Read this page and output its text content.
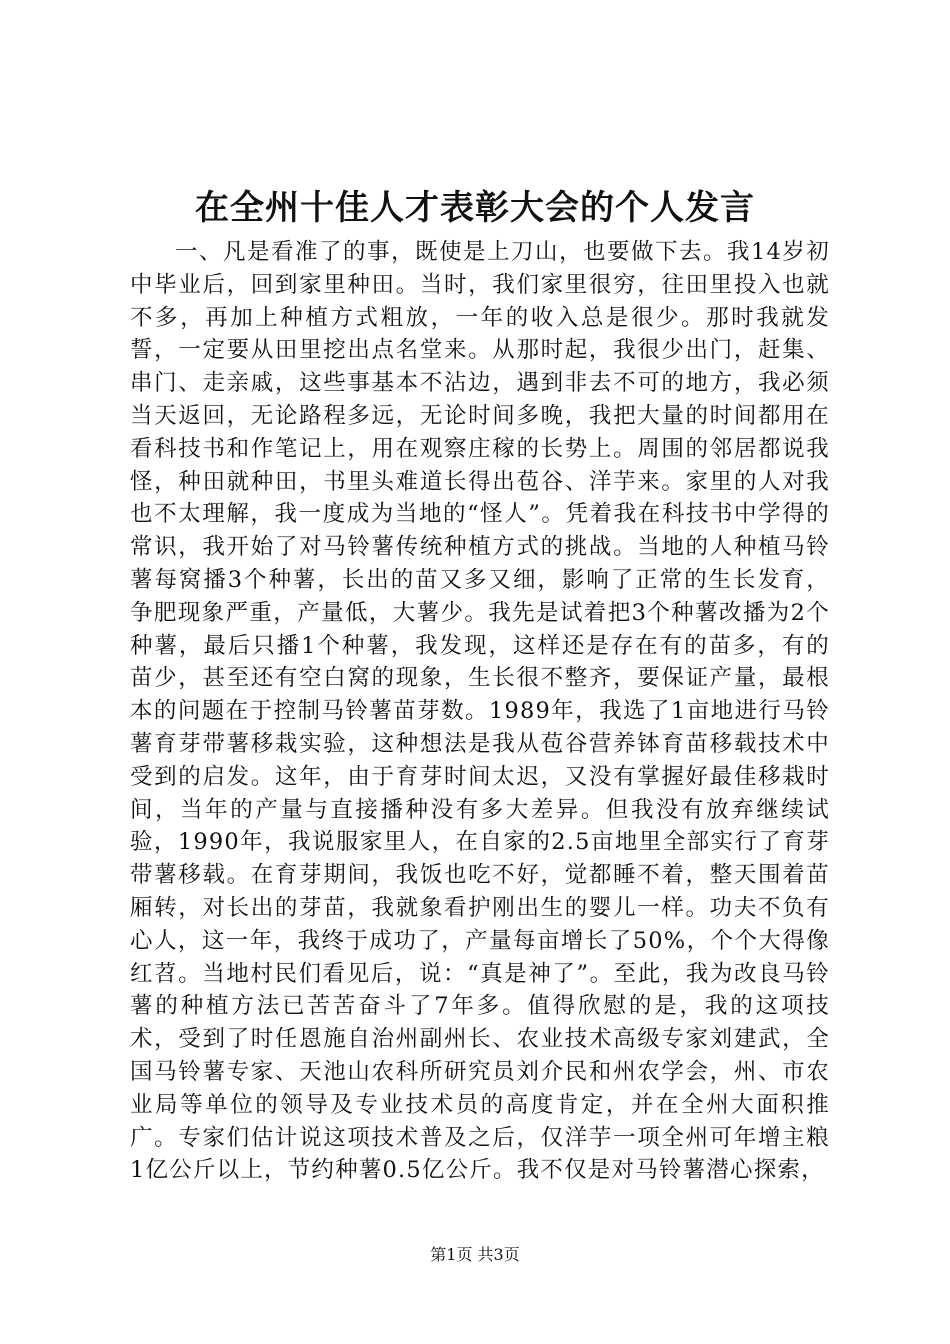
在全州十佳人才表彰大会的个人发言

一、凡是看准了的事，既使是上刀山，也要做下去。我14岁初中毕业后，回到家里种田。当时，我们家里很穷，往田里投入也就不多，再加上种植方式粗放，一年的收入总是很少。那时我就发誓，一定要从田里挖出点名堂来。从那时起，我很少出门，赶集、串门、走亲戚，这些事基本不沾边，遇到非去不可的地方，我必须当天返回，无论路程多远，无论时间多晚，我把大量的时间都用在看科技书和作笔记上，用在观察庄稼的长势上。周围的邻居都说我怪，种田就种田，书里头难道长得出苞谷、洋芋来。家里的人对我也不太理解，我一度成为当地的“怪人”。凭着我在科技书中学得的常识，我开始了对马铃薯传统种植方式的挑战。当地的人种植马铃薯每窝播3个种薯，长出的苗又多又细，影响了正常的生长发育，争肥现象严重，产量低，大薯少。我先是试着把3个种薯改播为2个种薯，最后只播1个种薯，我发现，这样还是存在有的苗多，有的苗少，甚至还有空白窝的现象，生长很不整齐，要保证产量，最根本的问题在于控制马铃薯苗芽数。1989年，我选了1亩地进行马铃薯育芽带薯移栽实验，这种想法是我从苞谷营养钵育苗移载技术中受到的启发。这年，由于育芽时间太迟，又没有掌握好最佳移栽时间，当年的产量与直接播种没有多大差异。但我没有放弃继续试验，1990年，我说服家里人，在自家的2.5亩地里全部实行了育芽带薯移载。在育芽期间，我饭也吃不好，觉都睡不着，整天围着苗厢转，对长出的芽苗，我就象看护刚出生的婴儿一样。功夫不负有心人，这一年，我终于成功了，产量每亩增长了50%，个个大得像红苕。当地村民们看见后，说：“真是神了”。至此，我为改良马铃薯的种植方法已苦苦奋斗了7年多。值得欣慰的是，我的这项技术，受到了时任恩施自治州副州长、农业技术高级专家刘建武，全国马铃薯专家、天池山农科所研究员刘介民和州农学会，州、市农业局等单位的领导及专业技术员的高度肯定，并在全州大面积推广。专家们估计说这项技术普及之后，仅洋芋一项全州可年增主粮1亿公斤以上，节约种薯0.5亿公斤。我不仅是对马铃薯潜心探索，

第1页 共3页
